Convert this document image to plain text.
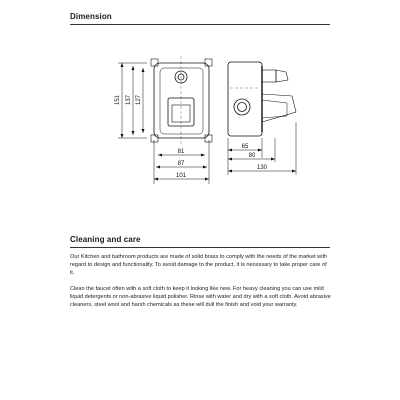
Dimension
151 137 127
81
87
101
65
80
130
Cleaning and care

Our Kitchen and bathroom products are made of solid brass to comply with the needs of the market with regard to design and functionality. To avoid damage to the product, it is necessary to take proper care of it.

Clean the faucet often with a soft cloth to keep it looking like new. For heavy cleaning you can use mild liquid detergents or non-abrasive liquid polisher. Rinse with water and dry with a soft cloth. Avoid abrasive cleaners, steel wool and harsh chemicals as these will dull the finish and void your warranty.
